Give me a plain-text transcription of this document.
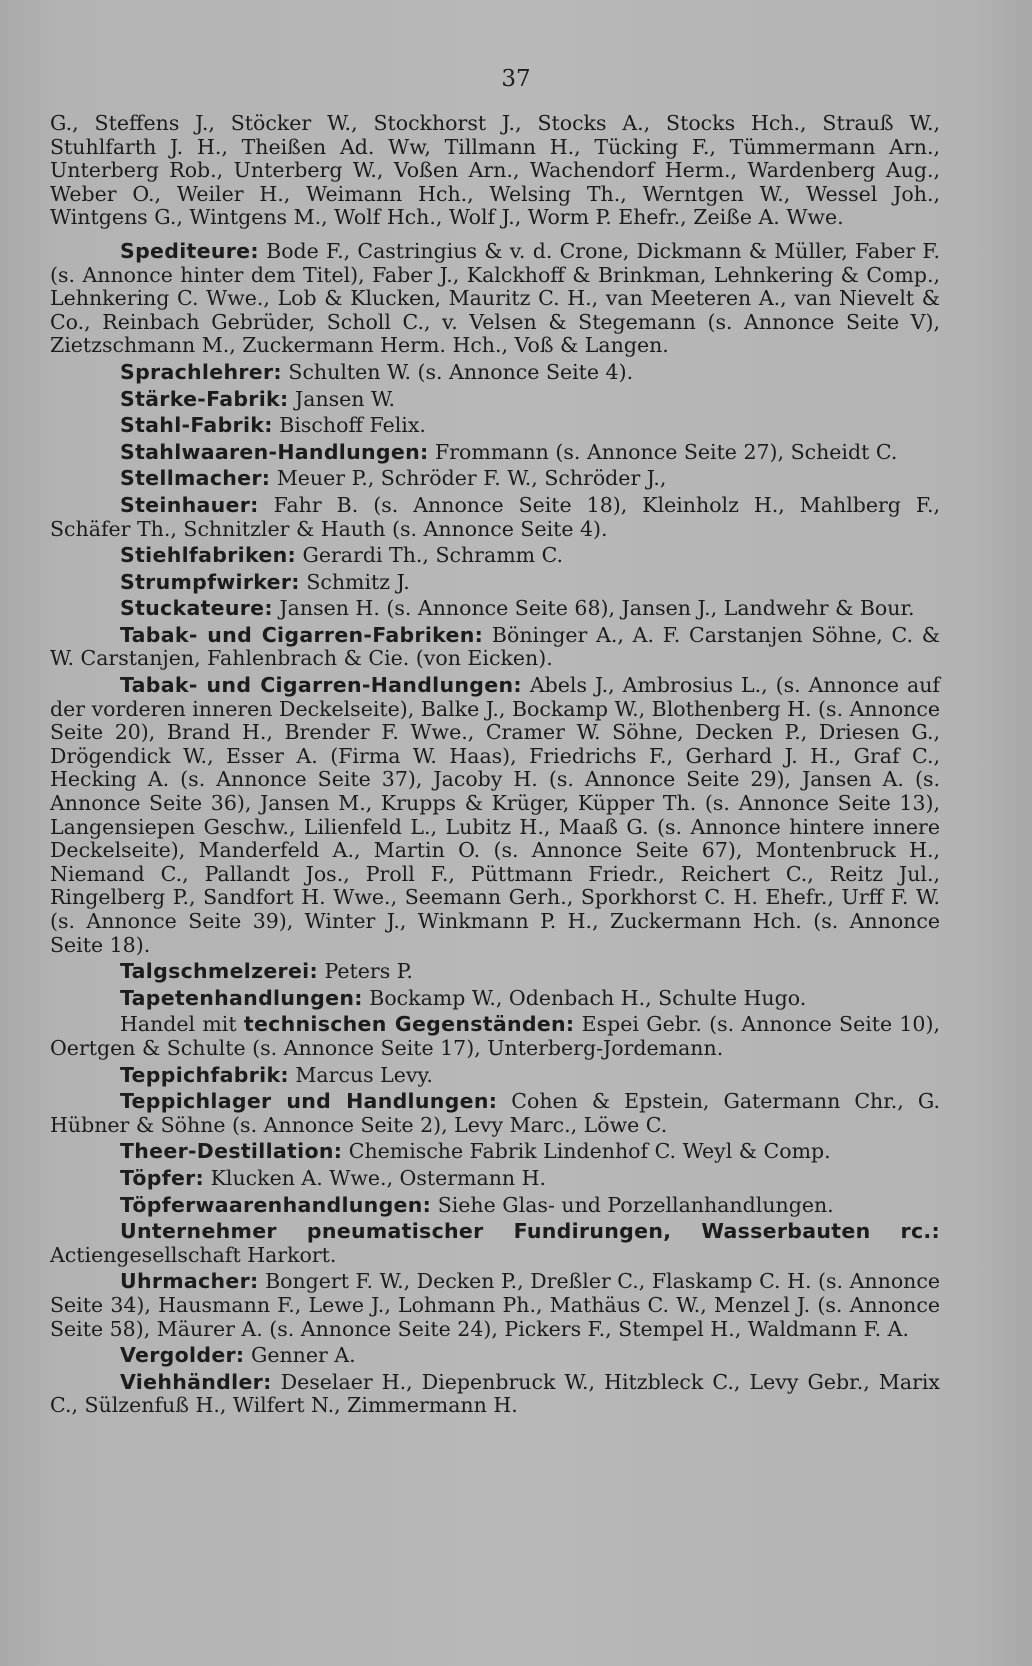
37

G., Steffens J., Stöcker W., Stockhorst J., Stocks A., Stocks Hch., Strauß W., Stuhlfarth J. H., Theißen Ad. Ww, Tillmann H., Tücking F., Tümmermann Arn., Unterberg Rob., Unterberg W., Voßen Arn., Wachendorf Herm., Wardenberg Aug., Weber O., Weiler H., Weimann Hch., Welsing Th., Werntgen W., Wessel Joh., Wintgens G., Wintgens M., Wolf Hch., Wolf J., Worm P. Ehefr., Zeiße A. Wwe.

Spediteure: Bode F., Castringius & v. d. Crone, Dickmann & Müller, Faber F. (s. Annonce hinter dem Titel), Faber J., Kalckhoff & Brinkman, Lehnkering & Comp., Lehnkering C. Wwe., Lob & Klucken, Mauritz C. H., van Meeteren A., van Nievelt & Co., Reinbach Gebrüder, Scholl C., v. Velsen & Stegemann (s. Annonce Seite V), Zietzschmann M., Zuckermann Herm. Hch., Voß & Langen.

Sprachlehrer: Schulten W. (s. Annonce Seite 4).

Stärke-Fabrik: Jansen W.

Stahl-Fabrik: Bischoff Felix.

Stahlwaaren-Handlungen: Frommann (s. Annonce Seite 27), Scheidt C.

Stellmacher: Meuer P., Schröder F. W., Schröder J.,

Steinhauer: Fahr B. (s. Annonce Seite 18), Kleinholz H., Mahlberg F., Schäfer Th., Schnitzler & Hauth (s. Annonce Seite 4).

Stiehlfabriken: Gerardi Th., Schramm C.

Strumpfwirker: Schmitz J.

Stuckateure: Jansen H. (s. Annonce Seite 68), Jansen J., Landwehr & Bour.

Tabak- und Cigarren-Fabriken: Böninger A., A. F. Carstanjen Söhne, C. & W. Carstanjen, Fahlenbrach & Cie. (von Eicken).

Tabak- und Cigarren-Handlungen: Abels J., Ambrosius L., (s. Annonce auf der vorderen inneren Deckelseite), Balke J., Bockamp W., Blothenberg H. (s. Annonce Seite 20), Brand H., Brender F. Wwe., Cramer W. Söhne, Decken P., Driesen G., Drögendick W., Esser A. (Firma W. Haas), Friedrichs F., Gerhard J. H., Graf C., Hecking A. (s. Annonce Seite 37), Jacoby H. (s. Annonce Seite 29), Jansen A. (s. Annonce Seite 36), Jansen M., Krupps & Krüger, Küpper Th. (s. Annonce Seite 13), Langensiepen Geschw., Lilienfeld L., Lubitz H., Maaß G. (s. Annonce hintere innere Deckelseite), Manderfeld A., Martin O. (s. Annonce Seite 67), Montenbruck H., Niemand C., Pallandt Jos., Proll F., Püttmann Friedr., Reichert C., Reitz Jul., Ringelberg P., Sandfort H. Wwe., Seemann Gerh., Sporkhorst C. H. Ehefr., Urff F. W. (s. Annonce Seite 39), Winter J., Winkmann P. H., Zuckermann Hch. (s. Annonce Seite 18).

Talgschmelzerei: Peters P.

Tapetenhandlungen: Bockamp W., Odenbach H., Schulte Hugo.

Handel mit technischen Gegenständen: Espei Gebr. (s. Annonce Seite 10), Oertgen & Schulte (s. Annonce Seite 17), Unterberg-Jordemann.

Teppichfabrik: Marcus Levy.

Teppichlager und Handlungen: Cohen & Epstein, Gatermann Chr., G. Hübner & Söhne (s. Annonce Seite 2), Levy Marc., Löwe C.

Theer-Destillation: Chemische Fabrik Lindenhof C. Weyl & Comp.

Töpfer: Klucken A. Wwe., Ostermann H.

Töpferwaarenhandlungen: Siehe Glas- und Porzellanhandlungen.

Unternehmer pneumatischer Fundirungen, Wasserbauten rc.: Actiengesellschaft Harkort.

Uhrmacher: Bongert F. W., Decken P., Dreßler C., Flaskamp C. H. (s. Annonce Seite 34), Hausmann F., Lewe J., Lohmann Ph., Mathäus C. W., Menzel J. (s. Annonce Seite 58), Mäurer A. (s. Annonce Seite 24), Pickers F., Stempel H., Waldmann F. A.

Vergolder: Genner A.

Viehhändler: Deselaer H., Diepenbruck W., Hitzbleck C., Levy Gebr., Marix C., Sülzenfuß H., Wilfert N., Zimmermann H.
